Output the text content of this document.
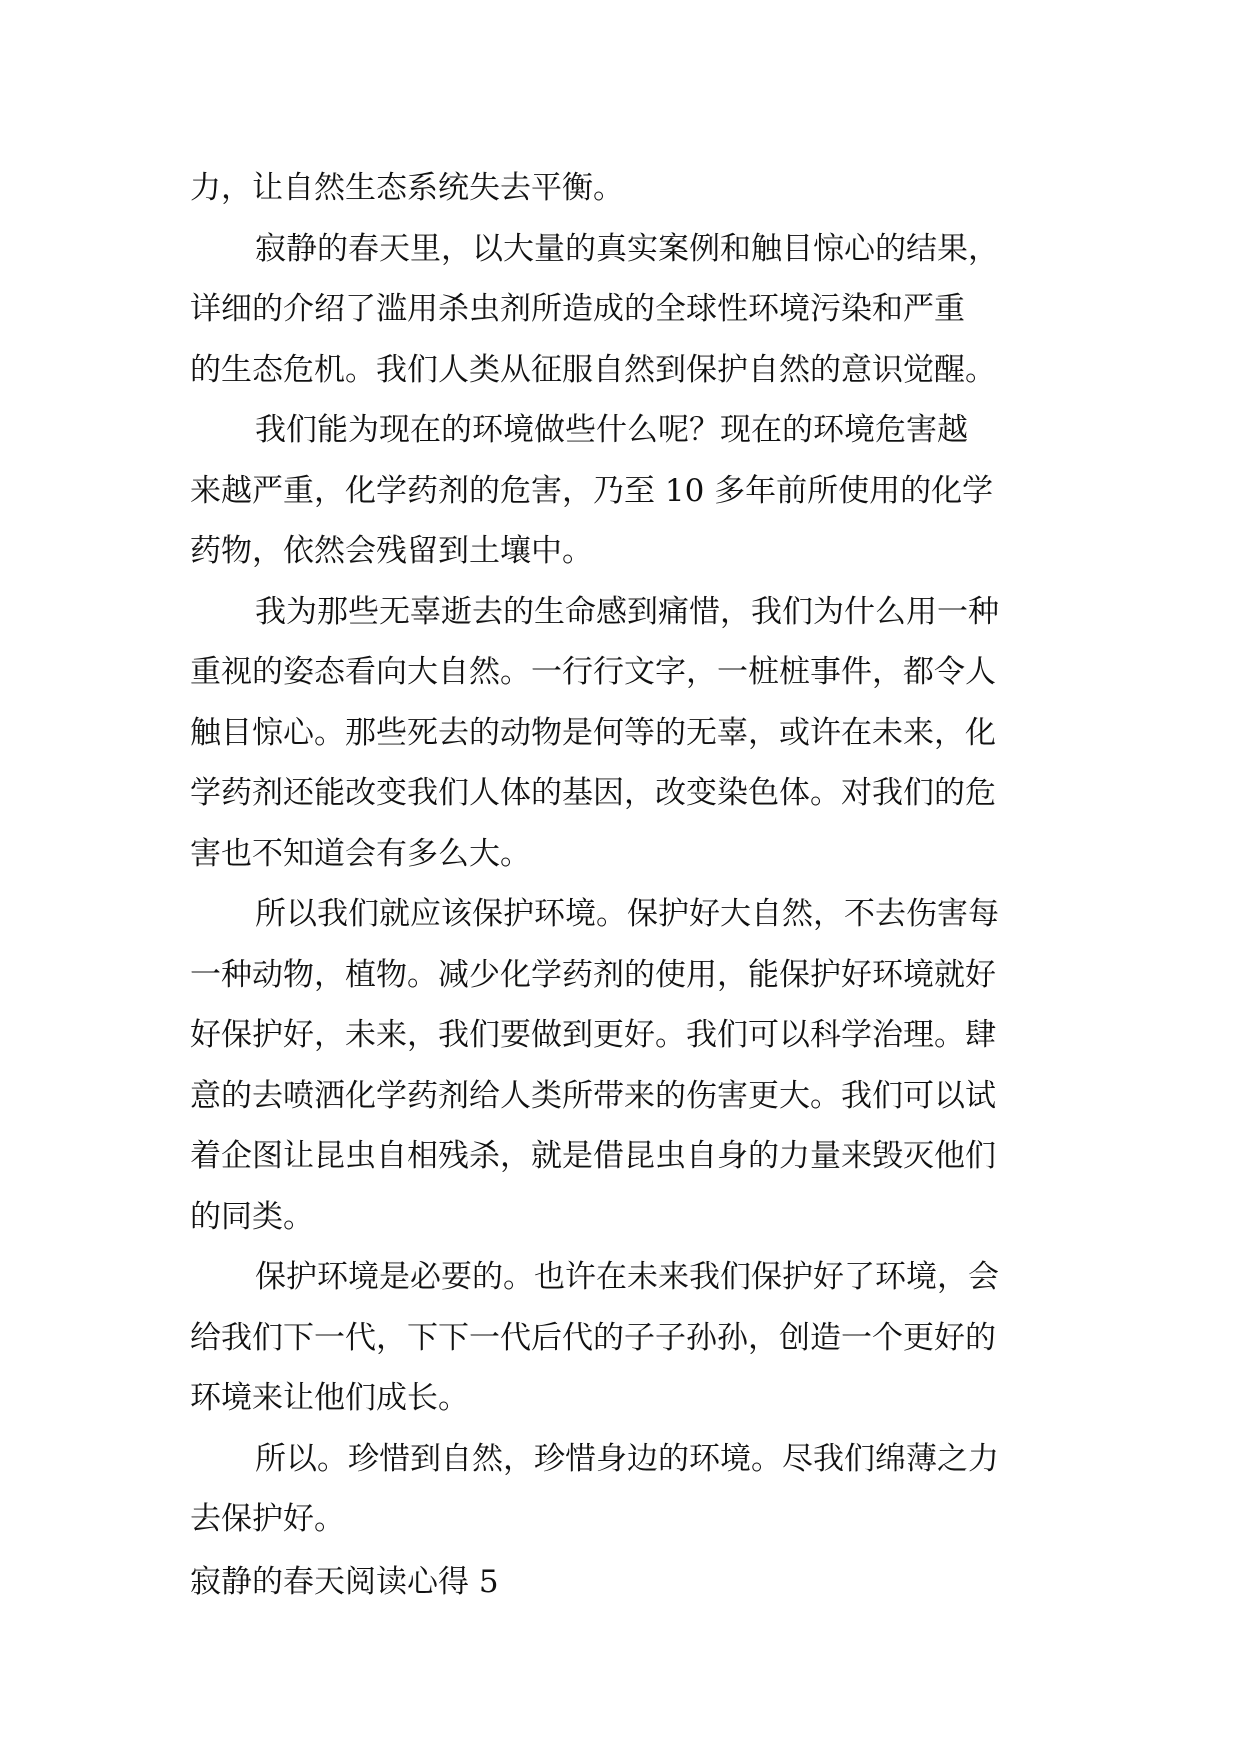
力，让自然生态系统失去平衡。
寂静的春天里，以大量的真实案例和触目惊心的结果，
详细的介绍了滥用杀虫剂所造成的全球性环境污染和严重
的生态危机。我们人类从征服自然到保护自然的意识觉醒。
我们能为现在的环境做些什么呢？现在的环境危害越
来越严重，化学药剂的危害，乃至 10 多年前所使用的化学
药物，依然会残留到土壤中。
我为那些无辜逝去的生命感到痛惜，我们为什么用一种
重视的姿态看向大自然。一行行文字，一桩桩事件，都令人
触目惊心。那些死去的动物是何等的无辜，或许在未来，化
学药剂还能改变我们人体的基因，改变染色体。对我们的危
害也不知道会有多么大。
所以我们就应该保护环境。保护好大自然，不去伤害每
一种动物，植物。减少化学药剂的使用，能保护好环境就好
好保护好，未来，我们要做到更好。我们可以科学治理。肆
意的去喷洒化学药剂给人类所带来的伤害更大。我们可以试
着企图让昆虫自相残杀，就是借昆虫自身的力量来毁灭他们
的同类。
保护环境是必要的。也许在未来我们保护好了环境，会
给我们下一代，下下一代后代的子子孙孙，创造一个更好的
环境来让他们成长。
所以。珍惜到自然，珍惜身边的环境。尽我们绵薄之力
去保护好。
寂静的春天阅读心得 5
